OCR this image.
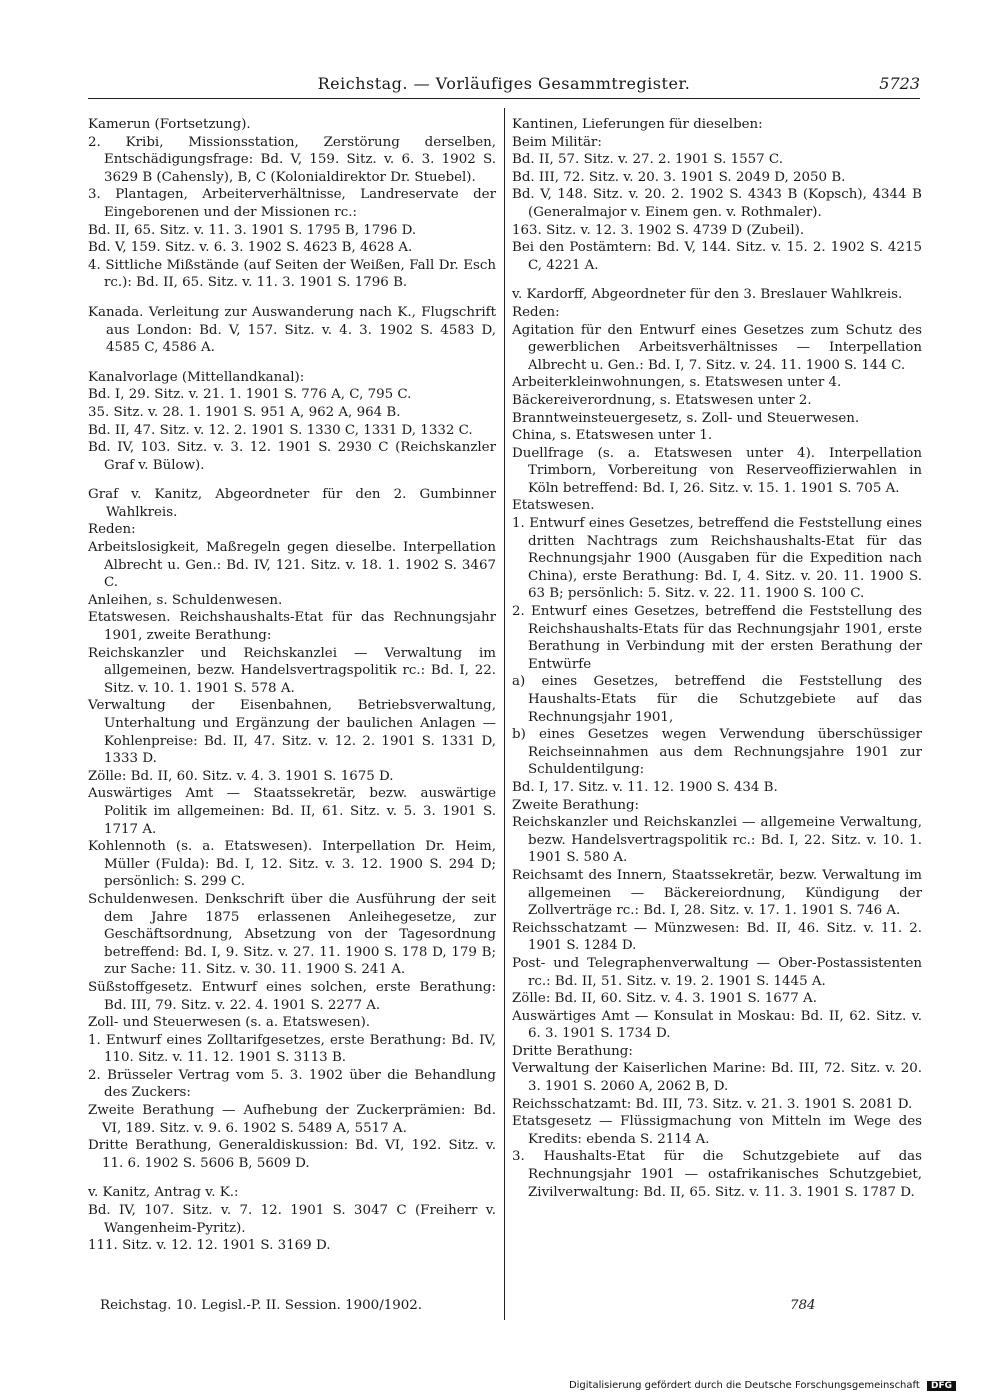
Reichstag. — Vorläufiges Gesammtregister.	5723

Kamerun (Fortsetzung).

2. Kribi, Missionsstation, Zerstörung derselben, Entschädigungsfrage: Bd. V, 159. Sitz. v. 6. 3. 1902 S. 3629 B (Cahensly), B, C (Kolonialdirektor Dr. Stuebel).

3. Plantagen, Arbeiterverhältnisse, Landreservate der Eingeborenen und der Missionen rc.:

Bd. II, 65. Sitz. v. 11. 3. 1901 S. 1795 B, 1796 D.

Bd. V, 159. Sitz. v. 6. 3. 1902 S. 4623 B, 4628 A.

4. Sittliche Mißstände (auf Seiten der Weißen, Fall Dr. Esch rc.): Bd. II, 65. Sitz. v. 11. 3. 1901 S. 1796 B.

Kanada. Verleitung zur Auswanderung nach K., Flugschrift aus London: Bd. V, 157. Sitz. v. 4. 3. 1902 S. 4583 D, 4585 C, 4586 A.

Kanalvorlage (Mittellandkanal):

Bd. I, 29. Sitz. v. 21. 1. 1901 S. 776 A, C, 795 C.

35. Sitz. v. 28. 1. 1901 S. 951 A, 962 A, 964 B.

Bd. II, 47. Sitz. v. 12. 2. 1901 S. 1330 C, 1331 D, 1332 C.

Bd. IV, 103. Sitz. v. 3. 12. 1901 S. 2930 C (Reichskanzler Graf v. Bülow).

Graf v. Kanitz, Abgeordneter für den 2. Gumbinner Wahlkreis.

Reden:

Arbeitslosigkeit, Maßregeln gegen dieselbe. Interpellation Albrecht u. Gen.: Bd. IV, 121. Sitz. v. 18. 1. 1902 S. 3467 C.

Anleihen, s. Schuldenwesen.

Etatswesen. Reichshaushalts-Etat für das Rechnungsjahr 1901, zweite Berathung:

Reichskanzler und Reichskanzlei — Verwaltung im allgemeinen, bezw. Handelsvertragspolitik rc.: Bd. I, 22. Sitz. v. 10. 1. 1901 S. 578 A.

Verwaltung der Eisenbahnen, Betriebsverwaltung, Unterhaltung und Ergänzung der baulichen Anlagen — Kohlenpreise: Bd. II, 47. Sitz. v. 12. 2. 1901 S. 1331 D, 1333 D.

Zölle: Bd. II, 60. Sitz. v. 4. 3. 1901 S. 1675 D.

Auswärtiges Amt — Staatssekretär, bezw. auswärtige Politik im allgemeinen: Bd. II, 61. Sitz. v. 5. 3. 1901 S. 1717 A.

Kohlennoth (s. a. Etatswesen). Interpellation Dr. Heim, Müller (Fulda): Bd. I, 12. Sitz. v. 3. 12. 1900 S. 294 D; persönlich: S. 299 C.

Schuldenwesen. Denkschrift über die Ausführung der seit dem Jahre 1875 erlassenen Anleihegesetze, zur Geschäftsordnung, Absetzung von der Tagesordnung betreffend: Bd. I, 9. Sitz. v. 27. 11. 1900 S. 178 D, 179 B; zur Sache: 11. Sitz. v. 30. 11. 1900 S. 241 A.

Süßstoffgesetz. Entwurf eines solchen, erste Berathung: Bd. III, 79. Sitz. v. 22. 4. 1901 S. 2277 A.

Zoll- und Steuerwesen (s. a. Etatswesen).

1. Entwurf eines Zolltarifgesetzes, erste Berathung: Bd. IV, 110. Sitz. v. 11. 12. 1901 S. 3113 B.

2. Brüsseler Vertrag vom 5. 3. 1902 über die Behandlung des Zuckers:

Zweite Berathung — Aufhebung der Zuckerprämien: Bd. VI, 189. Sitz. v. 9. 6. 1902 S. 5489 A, 5517 A.

Dritte Berathung, Generaldiskussion: Bd. VI, 192. Sitz. v. 11. 6. 1902 S. 5606 B, 5609 D.

v. Kanitz, Antrag v. K.:

Bd. IV, 107. Sitz. v. 7. 12. 1901 S. 3047 C (Freiherr v. Wangenheim-Pyritz).

111. Sitz. v. 12. 12. 1901 S. 3169 D.

Kantinen, Lieferungen für dieselben:

Beim Militär:

Bd. II, 57. Sitz. v. 27. 2. 1901 S. 1557 C.

Bd. III, 72. Sitz. v. 20. 3. 1901 S. 2049 D, 2050 B.

Bd. V, 148. Sitz. v. 20. 2. 1902 S. 4343 B (Kopsch), 4344 B (Generalmajor v. Einem gen. v. Rothmaler).

163. Sitz. v. 12. 3. 1902 S. 4739 D (Zubeil).

Bei den Postämtern: Bd. V, 144. Sitz. v. 15. 2. 1902 S. 4215 C, 4221 A.

v. Kardorff, Abgeordneter für den 3. Breslauer Wahlkreis.

Reden:

Agitation für den Entwurf eines Gesetzes zum Schutz des gewerblichen Arbeitsverhältnisses — Interpellation Albrecht u. Gen.: Bd. I, 7. Sitz. v. 24. 11. 1900 S. 144 C.

Arbeiterkleinwohnungen, s. Etatswesen unter 4.

Bäckereiverordnung, s. Etatswesen unter 2.

Branntweinsteuergesetz, s. Zoll- und Steuerwesen.

China, s. Etatswesen unter 1.

Duellfrage (s. a. Etatswesen unter 4). Interpellation Trimborn, Vorbereitung von Reserveoffizierwahlen in Köln betreffend: Bd. I, 26. Sitz. v. 15. 1. 1901 S. 705 A.

Etatswesen.

1. Entwurf eines Gesetzes, betreffend die Feststellung eines dritten Nachtrags zum Reichshaushalts-Etat für das Rechnungsjahr 1900 (Ausgaben für die Expedition nach China), erste Berathung: Bd. I, 4. Sitz. v. 20. 11. 1900 S. 63 B; persönlich: 5. Sitz. v. 22. 11. 1900 S. 100 C.

2. Entwurf eines Gesetzes, betreffend die Feststellung des Reichshaushalts-Etats für das Rechnungsjahr 1901, erste Berathung in Verbindung mit der ersten Berathung der Entwürfe

a) eines Gesetzes, betreffend die Feststellung des Haushalts-Etats für die Schutzgebiete auf das Rechnungsjahr 1901,

b) eines Gesetzes wegen Verwendung überschüssiger Reichseinnahmen aus dem Rechnungsjahre 1901 zur Schuldentilgung:

Bd. I, 17. Sitz. v. 11. 12. 1900 S. 434 B.

Zweite Berathung:

Reichskanzler und Reichskanzlei — allgemeine Verwaltung, bezw. Handelsvertragspolitik rc.: Bd. I, 22. Sitz. v. 10. 1. 1901 S. 580 A.

Reichsamt des Innern, Staatssekretär, bezw. Verwaltung im allgemeinen — Bäckereiordnung, Kündigung der Zollverträge rc.: Bd. I, 28. Sitz. v. 17. 1. 1901 S. 746 A.

Reichsschatzamt — Münzwesen: Bd. II, 46. Sitz. v. 11. 2. 1901 S. 1284 D.

Post- und Telegraphenverwaltung — Ober-Postassistenten rc.: Bd. II, 51. Sitz. v. 19. 2. 1901 S. 1445 A.

Zölle: Bd. II, 60. Sitz. v. 4. 3. 1901 S. 1677 A.

Auswärtiges Amt — Konsulat in Moskau: Bd. II, 62. Sitz. v. 6. 3. 1901 S. 1734 D.

Dritte Berathung:

Verwaltung der Kaiserlichen Marine: Bd. III, 72. Sitz. v. 20. 3. 1901 S. 2060 A, 2062 B, D.

Reichsschatzamt: Bd. III, 73. Sitz. v. 21. 3. 1901 S. 2081 D.

Etatsgesetz — Flüssigmachung von Mitteln im Wege des Kredits: ebenda S. 2114 A.

3. Haushalts-Etat für die Schutzgebiete auf das Rechnungsjahr 1901 — ostafrikanisches Schutzgebiet, Zivilverwaltung: Bd. II, 65. Sitz. v. 11. 3. 1901 S. 1787 D.

Reichstag. 10. Legisl.-P. II. Session. 1900/1902.	784
Digitalisierung gefördert durch die Deutsche Forschungsgemeinschaft DFG
